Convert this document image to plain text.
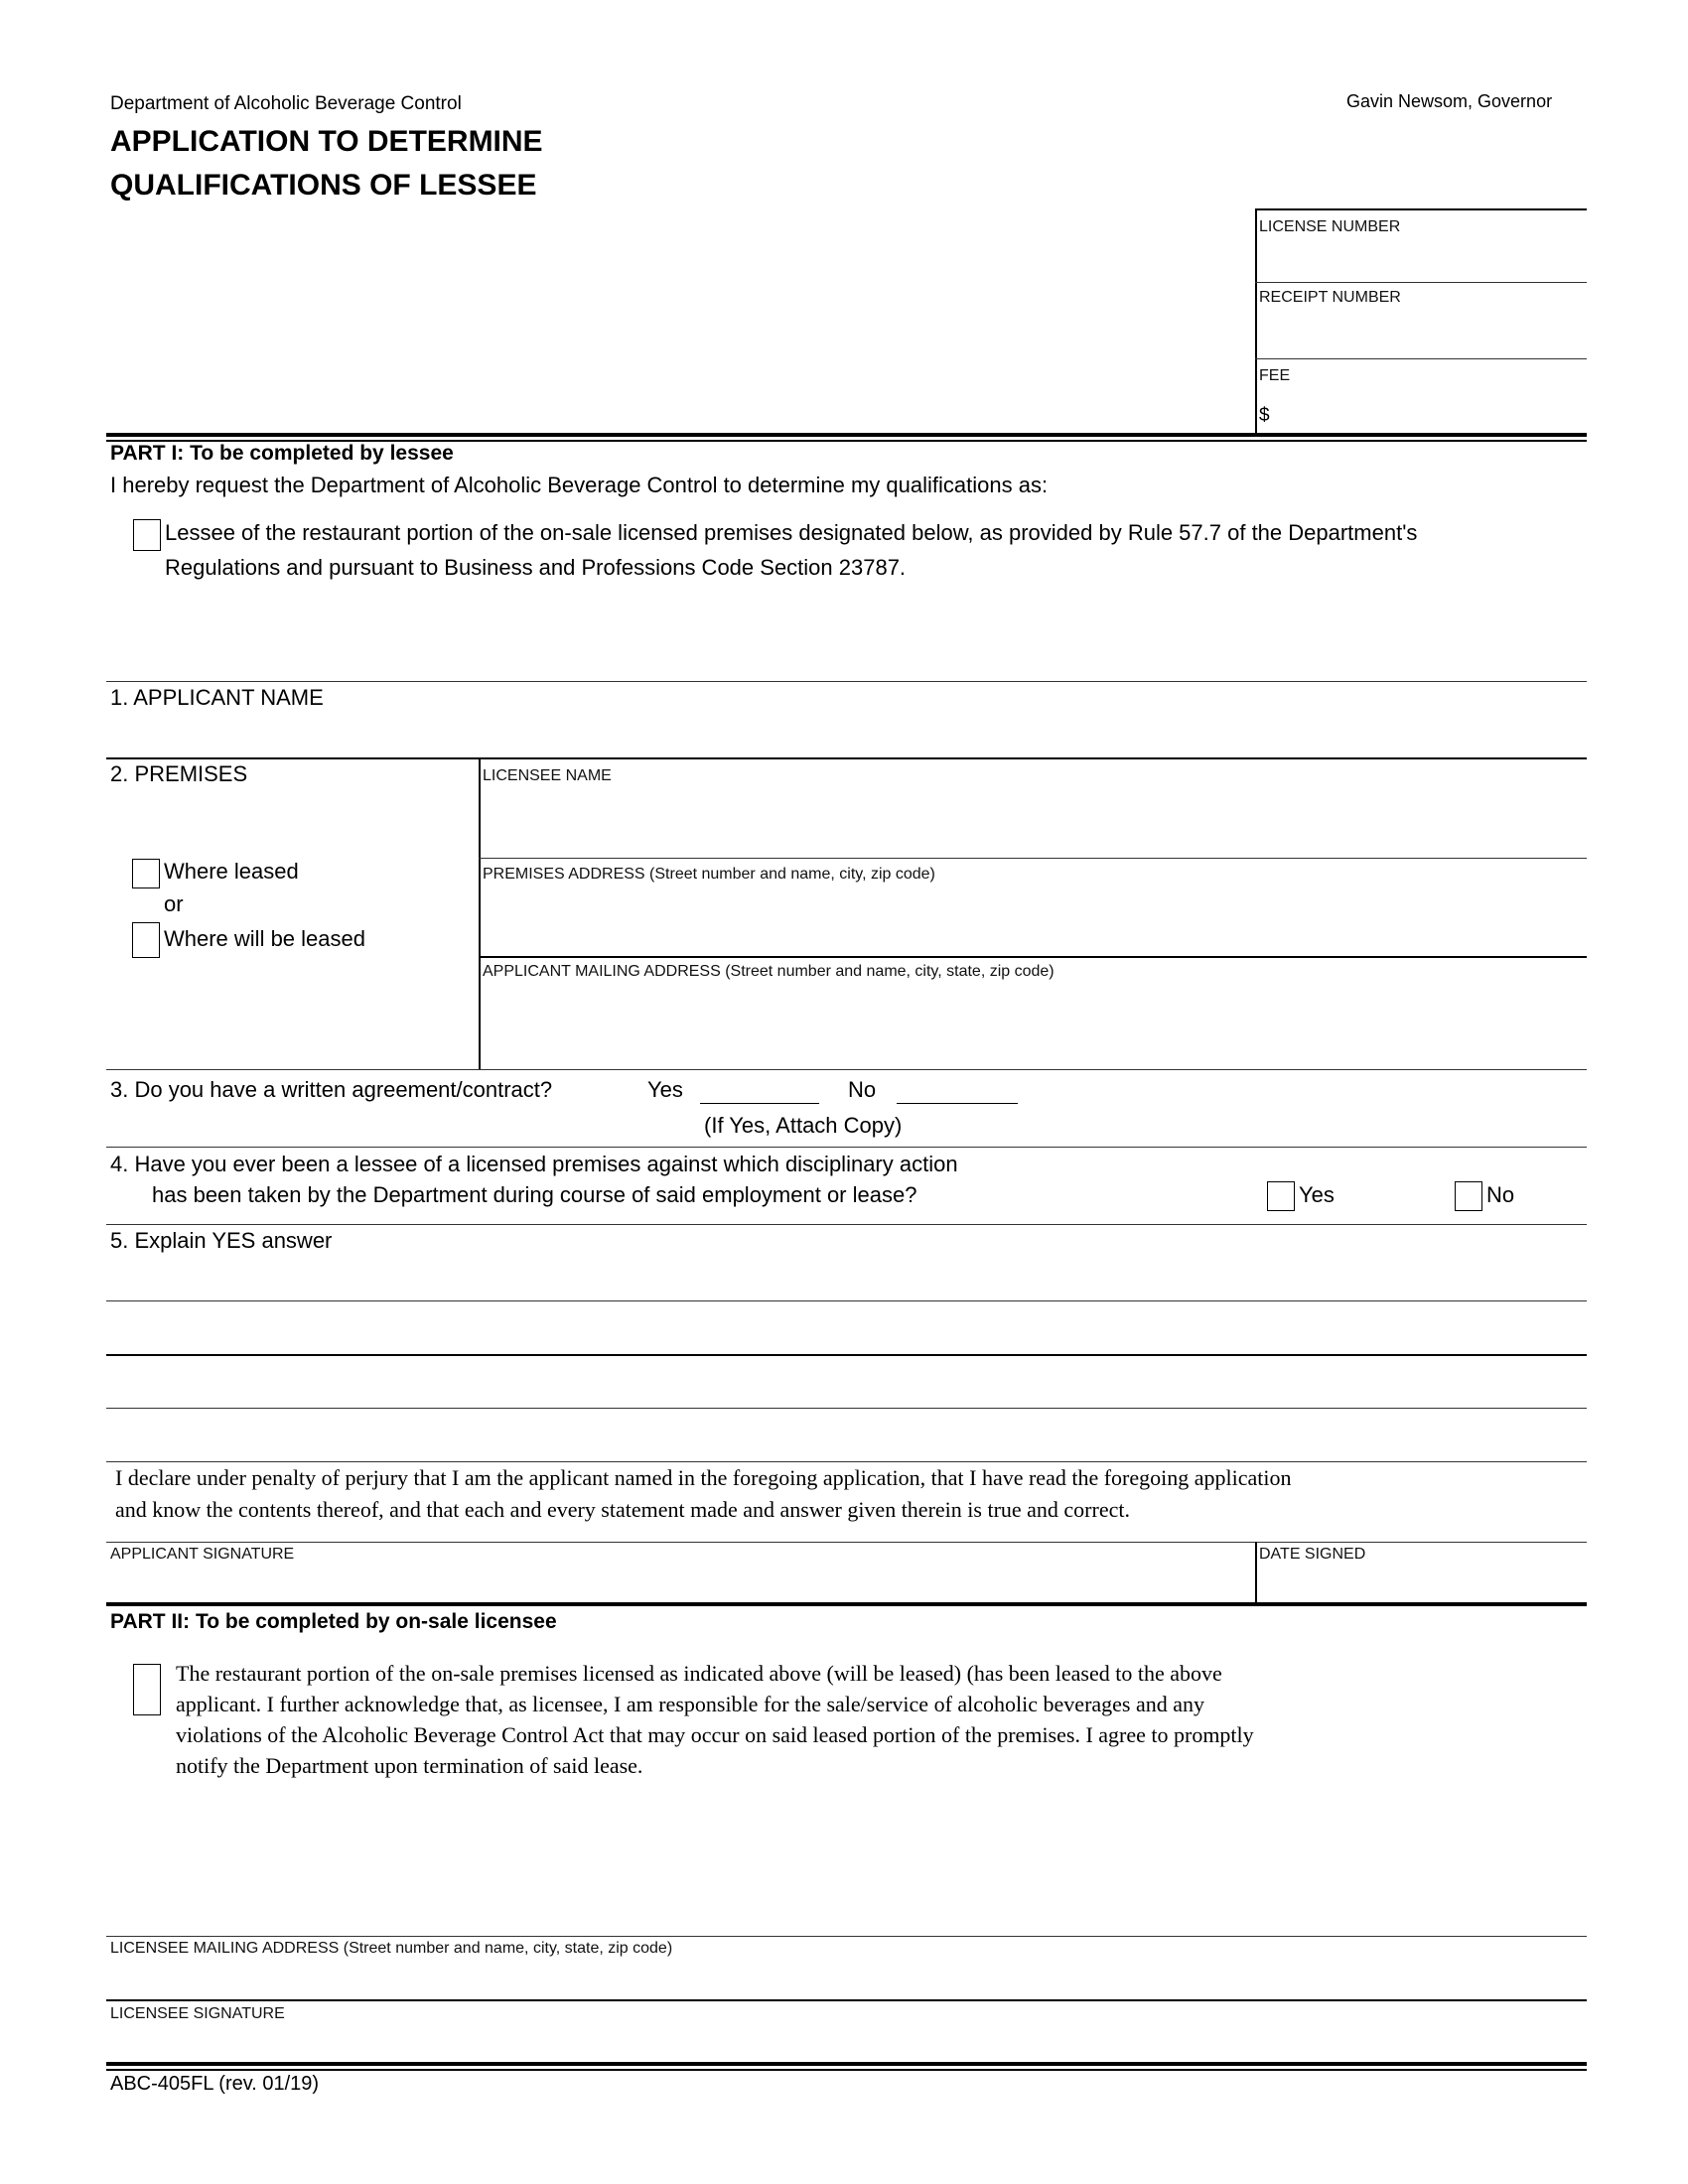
Department of Alcoholic Beverage Control	Gavin Newsom, Governor
APPLICATION TO DETERMINE
QUALIFICATIONS OF LESSEE
LICENSE NUMBER
RECEIPT NUMBER
FEE
$
PART I: To be completed by lessee
I hereby request the Department of Alcoholic Beverage Control to determine my qualifications as:
Lessee of the restaurant portion of the on-sale licensed premises designated below, as provided by Rule 57.7 of the Department's
Regulations and pursuant to Business and Professions Code Section 23787.
1. APPLICANT NAME
2. PREMISES
Where leased
or
Where will be leased
LICENSEE NAME
PREMISES ADDRESS (Street number and name, city, zip code)
APPLICANT MAILING ADDRESS (Street number and name, city, state, zip code)
3. Do you have a written agreement/contract?	Yes	No
(If Yes, Attach Copy)
4. Have you ever been a lessee of a licensed premises against which disciplinary action
has been taken by the Department during course of said employment or lease?	Yes	No
5. Explain YES answer
I declare under penalty of perjury that I am the applicant named in the foregoing application, that I have read the foregoing application
and know the contents thereof, and that each and every statement made and answer given therein is true and correct.
APPLICANT SIGNATURE	DATE SIGNED
PART II: To be completed by on-sale licensee
The restaurant portion of the on-sale premises licensed as indicated above (will be leased) (has been leased to the above
applicant. I further acknowledge that, as licensee, I am responsible for the sale/service of alcoholic beverages and any
violations of the Alcoholic Beverage Control Act that may occur on said leased portion of the premises. I agree to promptly
notify the Department upon termination of said lease.
LICENSEE MAILING ADDRESS (Street number and name, city, state, zip code)
LICENSEE SIGNATURE
ABC-405FL (rev. 01/19)
